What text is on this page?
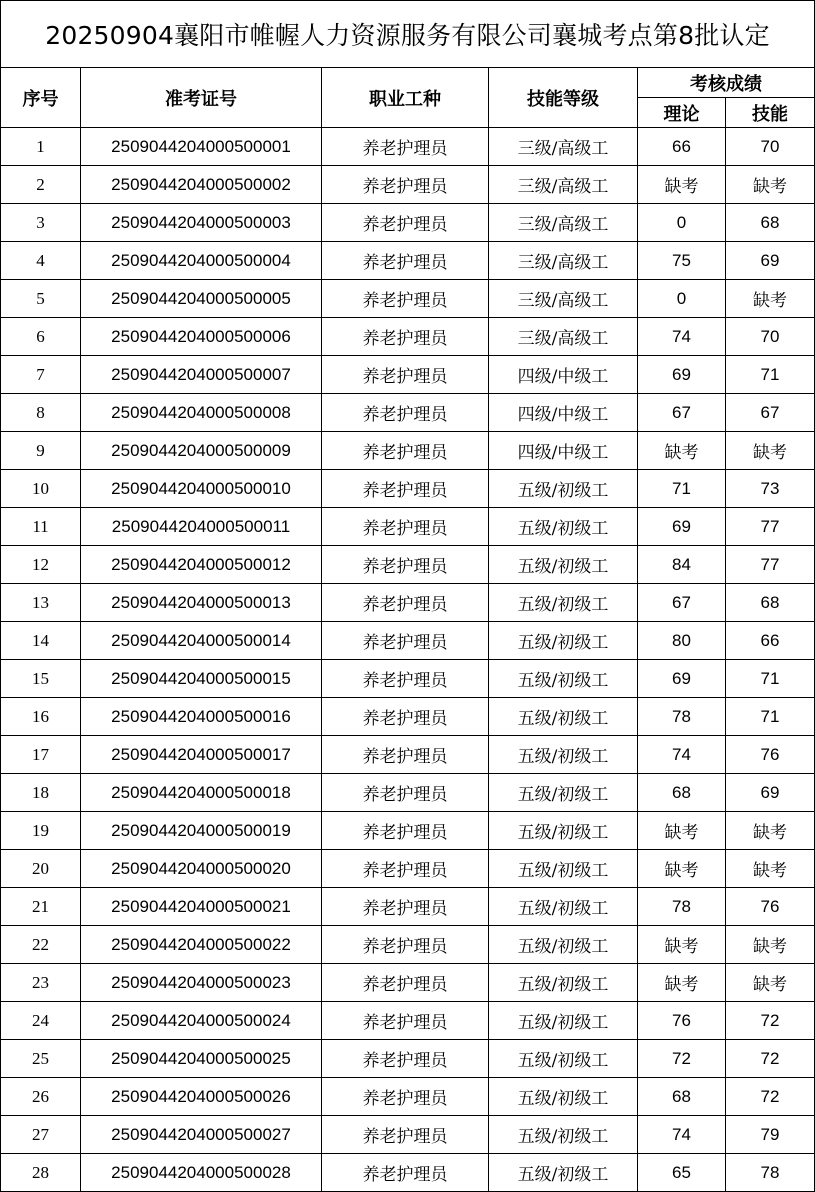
20250904襄阳市帷幄人力资源服务有限公司襄城考点第8批认定					
序号	准考证号	职业工种	技能等级	考核成绩	
				理论	技能
1	2509044204000500001	养老护理员	三级/高级工	66	70
2	2509044204000500002	养老护理员	三级/高级工	缺考	缺考
3	2509044204000500003	养老护理员	三级/高级工	0	68
4	2509044204000500004	养老护理员	三级/高级工	75	69
5	2509044204000500005	养老护理员	三级/高级工	0	缺考
6	2509044204000500006	养老护理员	三级/高级工	74	70
7	2509044204000500007	养老护理员	四级/中级工	69	71
8	2509044204000500008	养老护理员	四级/中级工	67	67
9	2509044204000500009	养老护理员	四级/中级工	缺考	缺考
10	2509044204000500010	养老护理员	五级/初级工	71	73
11	2509044204000500011	养老护理员	五级/初级工	69	77
12	2509044204000500012	养老护理员	五级/初级工	84	77
13	2509044204000500013	养老护理员	五级/初级工	67	68
14	2509044204000500014	养老护理员	五级/初级工	80	66
15	2509044204000500015	养老护理员	五级/初级工	69	71
16	2509044204000500016	养老护理员	五级/初级工	78	71
17	2509044204000500017	养老护理员	五级/初级工	74	76
18	2509044204000500018	养老护理员	五级/初级工	68	69
19	2509044204000500019	养老护理员	五级/初级工	缺考	缺考
20	2509044204000500020	养老护理员	五级/初级工	缺考	缺考
21	2509044204000500021	养老护理员	五级/初级工	78	76
22	2509044204000500022	养老护理员	五级/初级工	缺考	缺考
23	2509044204000500023	养老护理员	五级/初级工	缺考	缺考
24	2509044204000500024	养老护理员	五级/初级工	76	72
25	2509044204000500025	养老护理员	五级/初级工	72	72
26	2509044204000500026	养老护理员	五级/初级工	68	72
27	2509044204000500027	养老护理员	五级/初级工	74	79
28	2509044204000500028	养老护理员	五级/初级工	65	78
